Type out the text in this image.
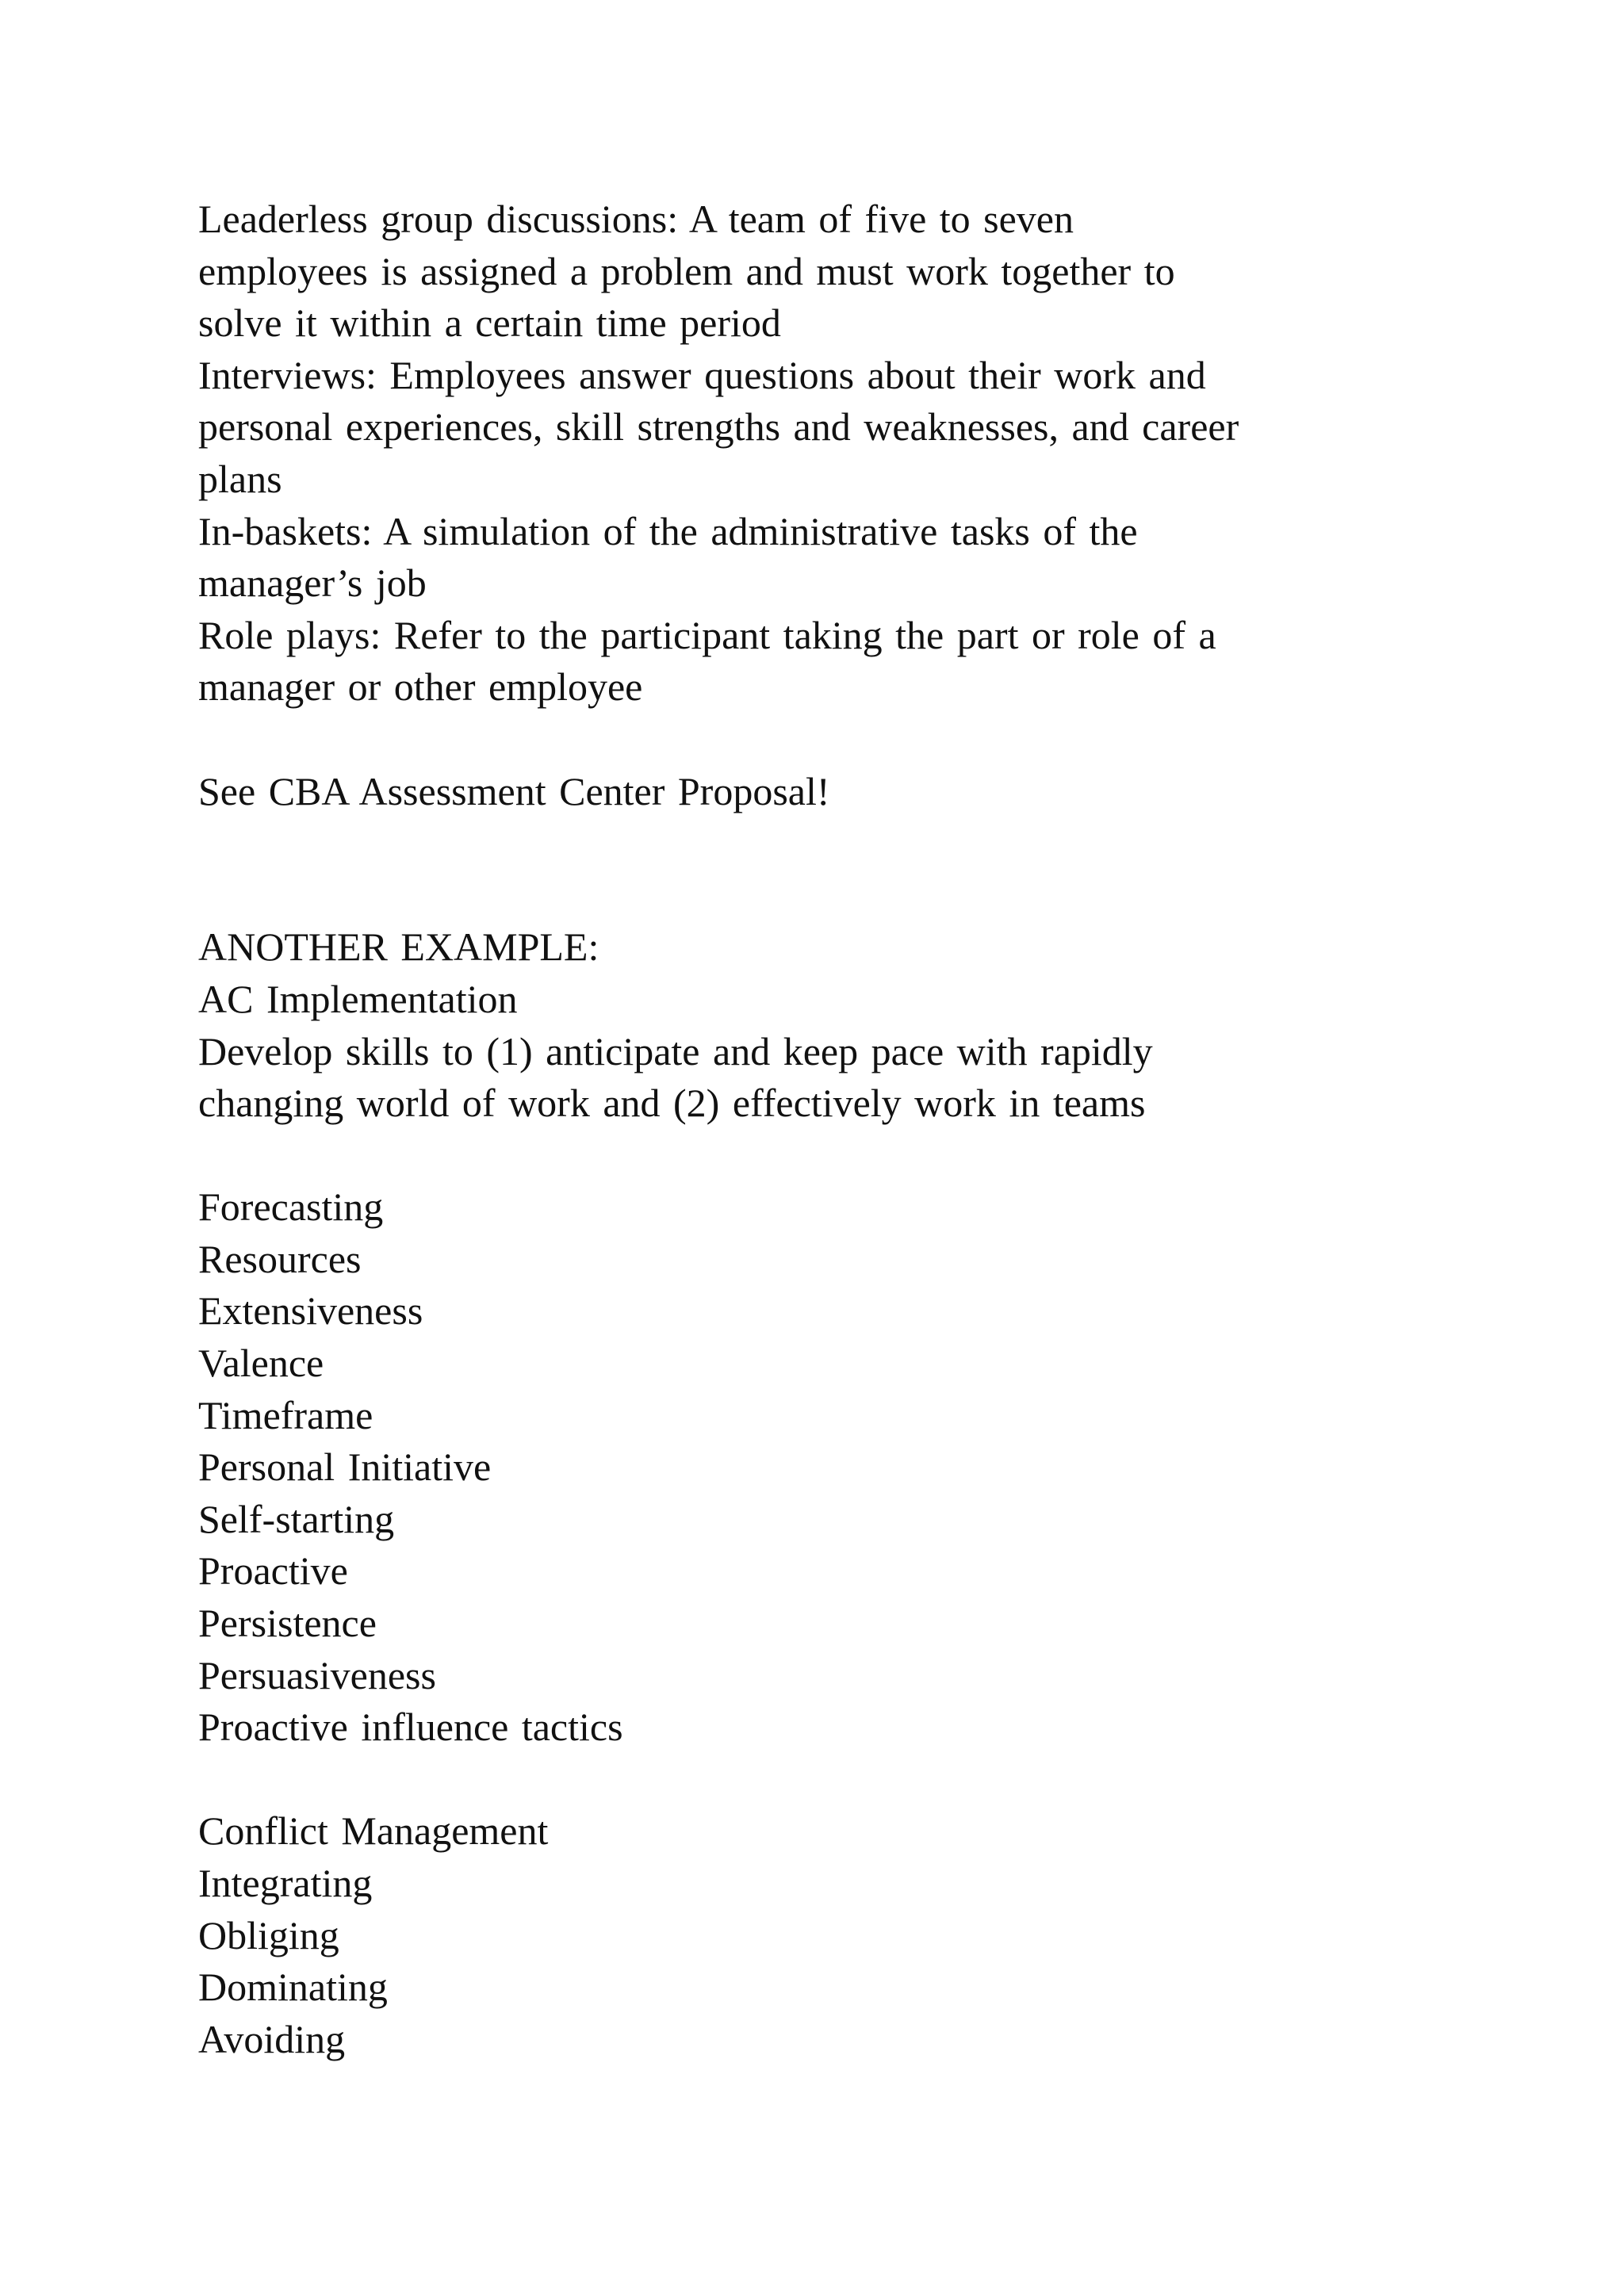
Leaderless group discussions: A team of five to seven
employees is assigned a problem and must work together to
solve it within a certain time period
Interviews: Employees answer questions about their work and
personal experiences, skill strengths and weaknesses, and career
plans
In-baskets: A simulation of the administrative tasks of the
manager’s job
Role plays: Refer to the participant taking the part or role of a
manager or other employee
See CBA Assessment Center Proposal!
ANOTHER EXAMPLE:
AC Implementation
Develop skills to (1) anticipate and keep pace with rapidly
changing world of work and (2) effectively work in teams
Forecasting
Resources
Extensiveness
Valence
Timeframe
Personal Initiative
Self-starting
Proactive
Persistence
Persuasiveness
Proactive influence tactics
Conflict Management
Integrating
Obliging
Dominating
Avoiding
